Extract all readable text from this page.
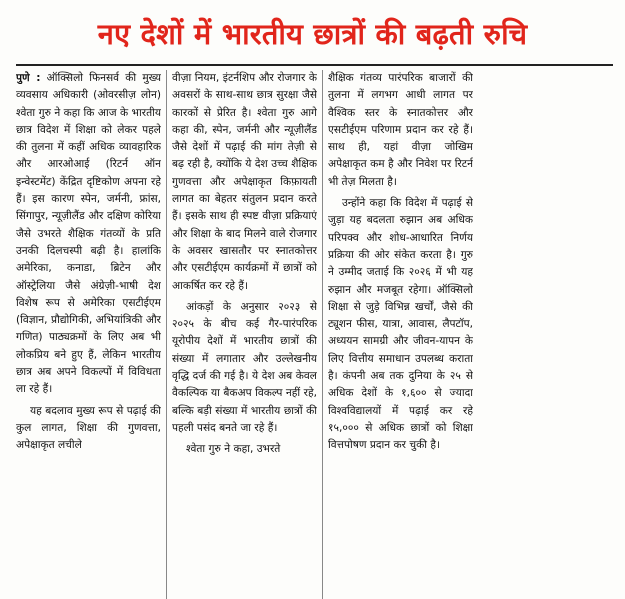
नए देशों में भारतीय छात्रों की बढ़ती रुचि

पुणे : ऑक्सिलो फिनसर्व की मुख्य व्यवसाय अधिकारी (ओवरसीज़ लोन) श्वेता गुरु ने कहा कि आज के भारतीय छात्र विदेश में शिक्षा को लेकर पहले की तुलना में कहीं अधिक व्यावहारिक और आरओआई (रिटर्न ऑन इन्वेस्टमेंट) केंद्रित दृष्टिकोण अपना रहे हैं। इस कारण स्पेन, जर्मनी, फ्रांस, सिंगापुर, न्यूज़ीलैंड और दक्षिण कोरिया जैसे उभरते शैक्षिक गंतव्यों के प्रति उनकी दिलचस्पी बढ़ी है। हालांकि अमेरिका, कनाडा, ब्रिटेन और ऑस्ट्रेलिया जैसे अंग्रेज़ी-भाषी देश विशेष रूप से अमेरिका एसटीईएम (विज्ञान, प्रौद्योगिकी, अभियांत्रिकी और गणित) पाठ्यक्रमों के लिए अब भी लोकप्रिय बने हुए हैं, लेकिन भारतीय छात्र अब अपने विकल्पों में विविधता ला रहे हैं।

यह बदलाव मुख्य रूप से पढ़ाई की कुल लागत, शिक्षा की गुणवत्ता, अपेक्षाकृत लचीले

वीज़ा नियम, इंटर्नशिप और रोजगार के अवसरों के साथ-साथ छात्र सुरक्षा जैसे कारकों से प्रेरित है। श्वेता गुरु आगे कहा की, स्पेन, जर्मनी और न्यूज़ीलैंड जैसे देशों में पढ़ाई की मांग तेज़ी से बढ़ रही है, क्योंकि ये देश उच्च शैक्षिक गुणवत्ता और अपेक्षाकृत किफ़ायती लागत का बेहतर संतुलन प्रदान करते हैं। इसके साथ ही स्पष्ट वीज़ा प्रक्रियाएं और शिक्षा के बाद मिलने वाले रोजगार के अवसर खासतौर पर स्नातकोत्तर और एसटीईएम कार्यक्रमों में छात्रों को आकर्षित कर रहे हैं।

आंकड़ों के अनुसार २०२३ से २०२५ के बीच कई गैर-पारंपरिक यूरोपीय देशों में भारतीय छात्रों की संख्या में लगातार और उल्लेखनीय वृद्धि दर्ज की गई है। ये देश अब केवल वैकल्पिक या बैकअप विकल्प नहीं रहे, बल्कि बड़ी संख्या में भारतीय छात्रों की पहली पसंद बनते जा रहे हैं।

श्वेता गुरु ने कहा, उभरते

शैक्षिक गंतव्य पारंपरिक बाजारों की तुलना में लगभग आधी लागत पर वैश्विक स्तर के स्नातकोत्तर और एसटीईएम परिणाम प्रदान कर रहे हैं। साथ ही, यहां वीज़ा जोखिम अपेक्षाकृत कम है और निवेश पर रिटर्न भी तेज़ मिलता है।

उन्होंने कहा कि विदेश में पढ़ाई से जुड़ा यह बदलता रुझान अब अधिक परिपक्व और शोध-आधारित निर्णय प्रक्रिया की ओर संकेत करता है। गुरु ने उम्मीद जताई कि २०२६ में भी यह रुझान और मजबूत रहेगा। ऑक्सिलो शिक्षा से जुड़े विभिन्न खर्चों, जैसे की ट्यूशन फीस, यात्रा, आवास, लैपटॉप, अध्ययन सामग्री और जीवन-यापन के लिए वित्तीय समाधान उपलब्ध कराता है। कंपनी अब तक दुनिया के २५ से अधिक देशों के १,६०० से ज्यादा विश्वविद्यालयों में पढ़ाई कर रहे १५,००० से अधिक छात्रों को शिक्षा वित्तपोषण प्रदान कर चुकी है।
